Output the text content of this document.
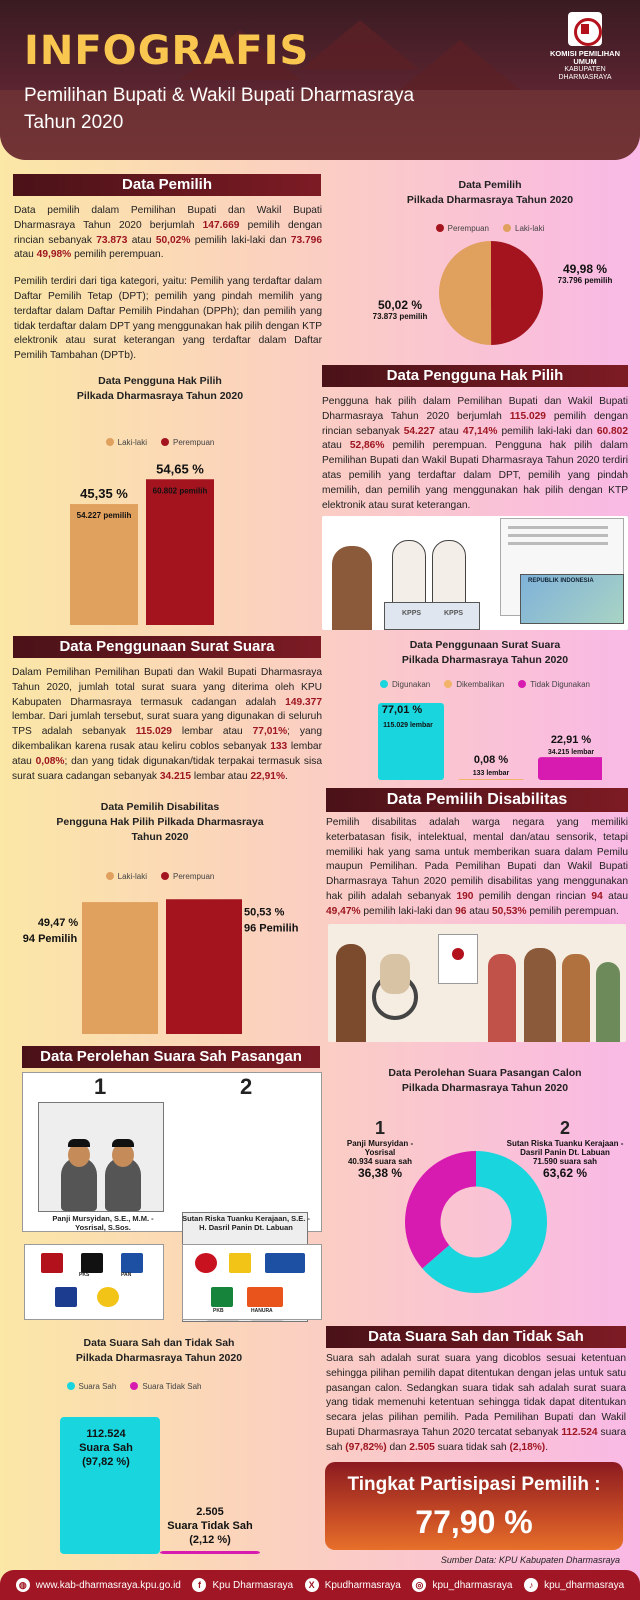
INFOGRAFIS
Pemilihan Bupati & Wakil Bupati Dharmasraya
Tahun 2020
KOMISI PEMILIHAN UMUM
KABUPATEN DHARMASRAYA
Data Pemilih
Data pemilih dalam Pemilihan Bupati dan Wakil Bupati Dharmasraya Tahun 2020 berjumlah 147.669 pemilih dengan rincian sebanyak 73.873 atau 50,02% pemilih laki-laki dan 73.796 atau 49,98% pemilih perempuan.
Pemilih terdiri dari tiga kategori, yaitu: Pemilih yang terdaftar dalam Daftar Pemilih Tetap (DPT); pemilih yang pindah memilih yang terdaftar dalam Daftar Pemilih Pindahan (DPPh); dan pemilih yang tidak terdaftar dalam DPT yang menggunakan hak pilih dengan KTP elektronik atau surat keterangan yang terdaftar dalam Daftar Pemilih Tambahan (DPTb).
Data Pemilih
Pilkada Dharmasraya Tahun 2020
Perempuan	Laki-laki
49,98 %
73.796 pemilih
50,02 %
73.873 pemilih
Data Pengguna Hak Pilih
Pilkada Dharmasraya Tahun 2020
Laki-laki	Perempuan
45,35 %
54.227 pemilih
54,65 %
60.802 pemilih
Data Pengguna Hak Pilih
Pengguna hak pilih dalam Pemilihan Bupati dan Wakil Bupati Dharmasraya Tahun 2020 berjumlah 115.029 pemilih dengan rincian sebanyak 54.227 atau 47,14% pemilih laki-laki dan 60.802 atau 52,86% pemilih perempuan. Pengguna hak pilih dalam Pemilihan Bupati dan Wakil Bupati Dharmasraya Tahun 2020 terdiri atas pemilih yang terdaftar dalam DPT, pemilih yang pindah memilih, dan pemilih yang menggunakan hak pilih dengan KTP elektronik atau surat keterangan.
KPPS	KPPS
REPUBLIK INDONESIA
Data Penggunaan Surat Suara
Dalam Pemilihan Pemilihan Bupati dan Wakil Bupati Dharmasraya Tahun 2020, jumlah total surat suara yang diterima oleh KPU Kabupaten Dharmasraya termasuk cadangan adalah 149.377 lembar. Dari jumlah tersebut, surat suara yang digunakan di seluruh TPS adalah sebanyak 115.029 lembar atau 77,01%; yang dikembalikan karena rusak atau keliru coblos sebanyak 133 lembar atau 0,08%; dan yang tidak digunakan/tidak terpakai termasuk sisa surat suara cadangan sebanyak 34.215 lembar atau 22,91%.
Data Penggunaan Surat Suara
Pilkada Dharmasraya Tahun 2020
Digunakan	Dikembalikan	Tidak Digunakan
77,01 %
115.029 lembar
0,08 %
133 lembar
22,91 %
34.215 lembar
Data Pemilih Disabilitas
Pengguna Hak Pilih Pilkada Dharmasraya
Tahun 2020
Laki-laki	Perempuan
49,47 %
94 Pemilih
50,53 %
96 Pemilih
Data Pemilih Disabilitas
Pemilih disabilitas adalah warga negara yang memiliki keterbatasan fisik, intelektual, mental dan/atau sensorik, tetapi memiliki hak yang sama untuk memberikan suara dalam Pemilu maupun Pemilihan. Pada Pemilihan Bupati dan Wakil Bupati Dharmasraya Tahun 2020 pemilih disabilitas yang menggunakan hak pilih adalah sebanyak 190 pemilih dengan rincian 94 atau 49,47% pemilih laki-laki dan 96 atau 50,53% pemilih perempuan.
Data Perolehan Suara Sah Pasangan
1	2
Panji Mursyidan, S.E., M.M. -
Yosrisal, S.Sos.
Sutan Riska Tuanku Kerajaan, S.E. -
H. Dasril Panin Dt. Labuan
PKS	PAN
PKB	HANURA
Data Perolehan Suara Pasangan Calon
Pilkada Dharmasraya Tahun 2020
1
Panji Mursyidan -
Yosrisal
40.934 suara sah
36,38 %
2
Sutan Riska Tuanku Kerajaan -
Dasril Panin Dt. Labuan
71.590 suara sah
63,62 %
Data Suara Sah dan Tidak Sah
Pilkada Dharmasraya Tahun 2020
Suara Sah	Suara Tidak Sah
112.524
Suara Sah
(97,82 %)
2.505
Suara Tidak Sah
(2,12 %)
Data Suara Sah dan Tidak Sah
Suara sah adalah surat suara yang dicoblos sesuai ketentuan sehingga pilihan pemilih dapat ditentukan dengan jelas untuk satu pasangan calon. Sedangkan suara tidak sah adalah surat suara yang tidak memenuhi ketentuan sehingga tidak dapat ditentukan secara jelas pilihan pemilih. Pada Pemilihan Bupati dan Wakil Bupati Dharmasraya Tahun 2020 tercatat sebanyak 112.524 suara sah (97,82%) dan 2.505 suara tidak sah (2,18%).
Tingkat Partisipasi Pemilih :
77,90 %
Sumber Data: KPU Kabupaten Dharmasraya
◍ www.kab-dharmasraya.kpu.go.id	f Kpu Dharmasraya	X Kpudharmasraya	◎ kpu_dharmasraya	♪ kpu_dharmasraya
